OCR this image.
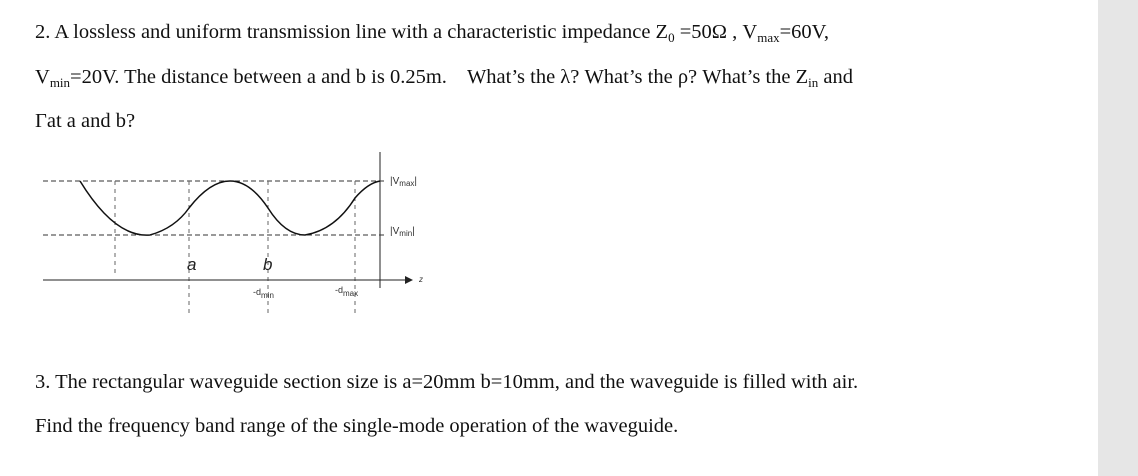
2. A lossless and uniform transmission line with a characteristic impedance $Z_0 =50\Omega$ , $V_{max}=60V$,
$V_{min}=20V$. The distance between a and b is 0.25m. What’s the λ? What’s the ρ? What’s the $Z_{in}$ and
Γat a and b?
$|V_{max}|$
$|V_{min}|$
a	b
-dmin
-dmax
z
3. The rectangular waveguide section size is a=20mm b=10mm, and the waveguide is filled with air.
Find the frequency band range of the single-mode operation of the waveguide.
